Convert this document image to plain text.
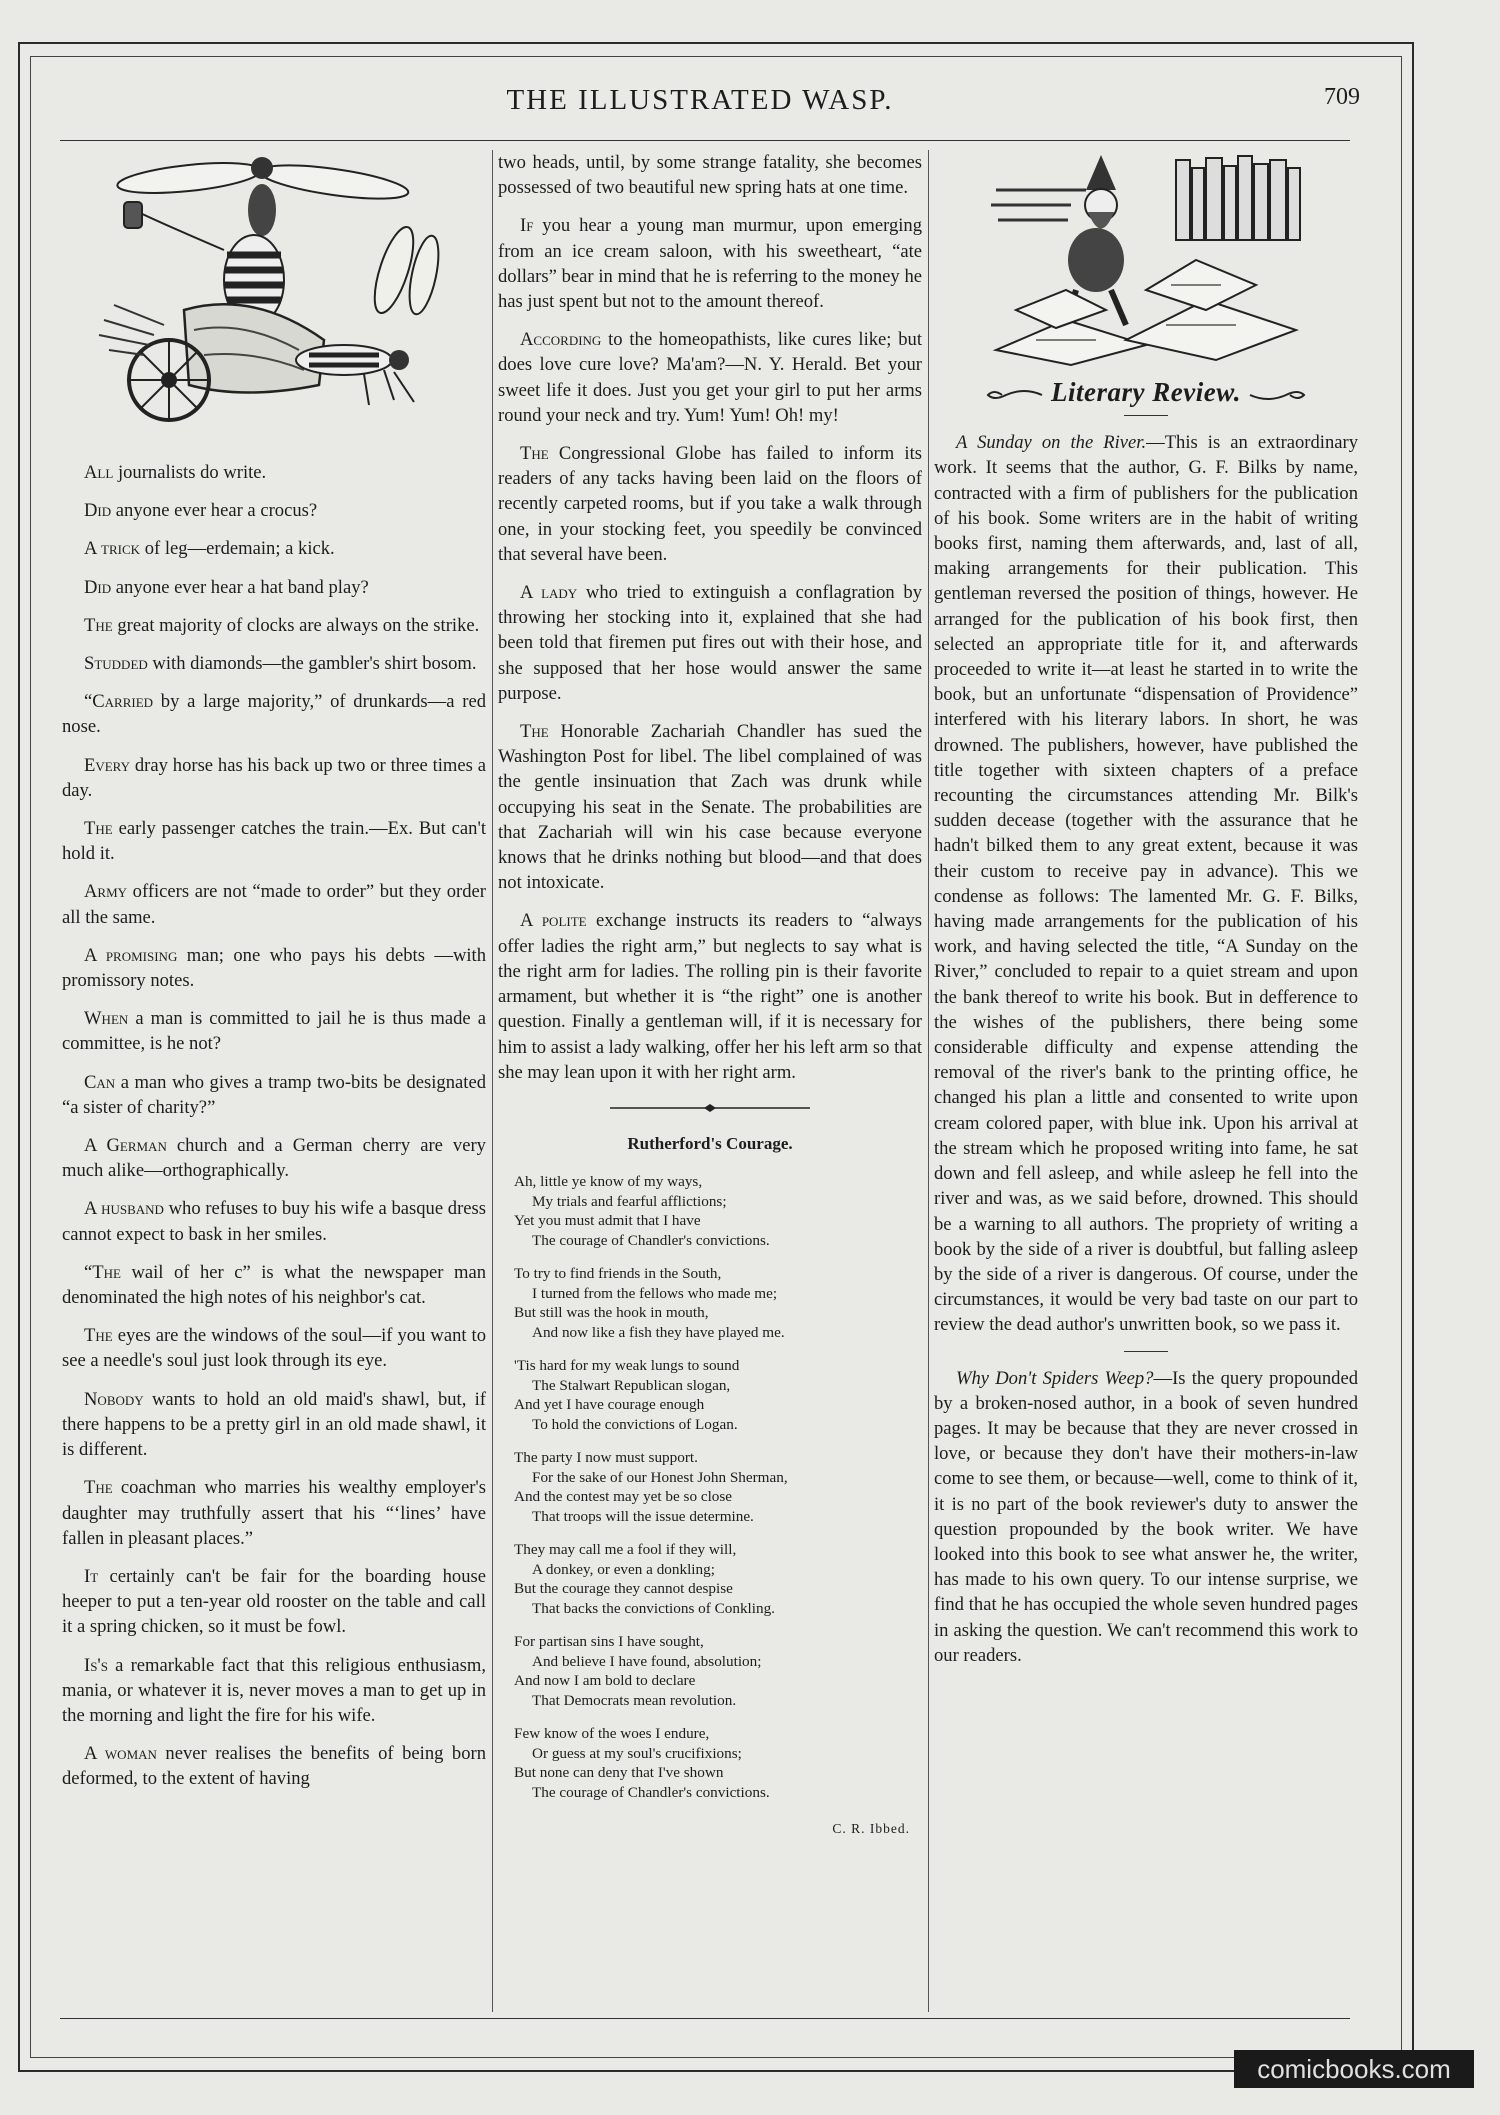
THE ILLUSTRATED WASP.	709

All journalists do write.

Did anyone ever hear a crocus?

A trick of leg—erdemain; a kick.

Did anyone ever hear a hat band play?

The great majority of clocks are always on the strike.

Studded with diamonds—the gambler's shirt bosom.

“Carried by a large majority,” of drunkards—a red nose.

Every dray horse has his back up two or three times a day.

The early passenger catches the train.—Ex. But can't hold it.

Army officers are not “made to order” but they order all the same.

A promising man; one who pays his debts —with promissory notes.

When a man is committed to jail he is thus made a committee, is he not?

Can a man who gives a tramp two-bits be designated “a sister of charity?”

A German church and a German cherry are very much alike—orthographically.

A husband who refuses to buy his wife a basque dress cannot expect to bask in her smiles.

“The wail of her c” is what the newspaper man denominated the high notes of his neighbor's cat.

The eyes are the windows of the soul—if you want to see a needle's soul just look through its eye.

Nobody wants to hold an old maid's shawl, but, if there happens to be a pretty girl in an old made shawl, it is different.

The coachman who marries his wealthy employer's daughter may truthfully assert that his “‘lines’ have fallen in pleasant places.”

It certainly can't be fair for the boarding house heeper to put a ten-year old rooster on the table and call it a spring chicken, so it must be fowl.

Is's a remarkable fact that this religious enthusiasm, mania, or whatever it is, never moves a man to get up in the morning and light the fire for his wife.

A woman never realises the benefits of being born deformed, to the extent of having

two heads, until, by some strange fatality, she becomes possessed of two beautiful new spring hats at one time.

If you hear a young man murmur, upon emerging from an ice cream saloon, with his sweetheart, “ate dollars” bear in mind that he is referring to the money he has just spent but not to the amount thereof.

According to the homeopathists, like cures like; but does love cure love? Ma'am?—N. Y. Herald. Bet your sweet life it does. Just you get your girl to put her arms round your neck and try. Yum! Yum! Oh! my!

The Congressional Globe has failed to inform its readers of any tacks having been laid on the floors of recently carpeted rooms, but if you take a walk through one, in your stocking feet, you speedily be convinced that several have been.

A lady who tried to extinguish a conflagration by throwing her stocking into it, explained that she had been told that firemen put fires out with their hose, and she supposed that her hose would answer the same purpose.

The Honorable Zachariah Chandler has sued the Washington Post for libel. The libel complained of was the gentle insinuation that Zach was drunk while occupying his seat in the Senate. The probabilities are that Zachariah will win his case because everyone knows that he drinks nothing but blood—and that does not intoxicate.

A polite exchange instructs its readers to “always offer ladies the right arm,” but neglects to say what is the right arm for ladies. The rolling pin is their favorite armament, but whether it is “the right” one is another question. Finally a gentleman will, if it is necessary for him to assist a lady walking, offer her his left arm so that she may lean upon it with her right arm.

Rutherford's Courage.
Ah, little ye know of my ways,
My trials and fearful afflictions;
Yet you must admit that I have
The courage of Chandler's convictions.
To try to find friends in the South,
I turned from the fellows who made me;
But still was the hook in mouth,
And now like a fish they have played me.
'Tis hard for my weak lungs to sound
The Stalwart Republican slogan,
And yet I have courage enough
To hold the convictions of Logan.
The party I now must support.
For the sake of our Honest John Sherman,
And the contest may yet be so close
That troops will the issue determine.
They may call me a fool if they will,
A donkey, or even a donkling;
But the courage they cannot despise
That backs the convictions of Conkling.
For partisan sins I have sought,
And believe I have found, absolution;
And now I am bold to declare
That Democrats mean revolution.
Few know of the woes I endure,
Or guess at my soul's crucifixions;
But none can deny that I've shown
The courage of Chandler's convictions.
C. R. Ibbed.
Literary Review.

A Sunday on the River.—This is an extraordinary work. It seems that the author, G. F. Bilks by name, contracted with a firm of publishers for the publication of his book. Some writers are in the habit of writing books first, naming them afterwards, and, last of all, making arrangements for their publication. This gentleman reversed the position of things, however. He arranged for the publication of his book first, then selected an appropriate title for it, and afterwards proceeded to write it—at least he started in to write the book, but an unfortunate “dispensation of Providence” interfered with his literary labors. In short, he was drowned. The publishers, however, have published the title together with sixteen chapters of a preface recounting the circumstances attending Mr. Bilk's sudden decease (together with the assurance that he hadn't bilked them to any great extent, because it was their custom to receive pay in advance). This we condense as follows: The lamented Mr. G. F. Bilks, having made arrangements for the publication of his work, and having selected the title, “A Sunday on the River,” concluded to repair to a quiet stream and upon the bank thereof to write his book. But in defference to the wishes of the publishers, there being some considerable difficulty and expense attending the removal of the river's bank to the printing office, he changed his plan a little and consented to write upon cream colored paper, with blue ink. Upon his arrival at the stream which he proposed writing into fame, he sat down and fell asleep, and while asleep he fell into the river and was, as we said before, drowned. This should be a warning to all authors. The propriety of writing a book by the side of a river is doubtful, but falling asleep by the side of a river is dangerous. Of course, under the circumstances, it would be very bad taste on our part to review the dead author's unwritten book, so we pass it.

Why Don't Spiders Weep?—Is the query propounded by a broken-nosed author, in a book of seven hundred pages. It may be because that they are never crossed in love, or because they don't have their mothers-in-law come to see them, or because—well, come to think of it, it is no part of the book reviewer's duty to answer the question propounded by the book writer. We have looked into this book to see what answer he, the writer, has made to his own query. To our intense surprise, we find that he has occupied the whole seven hundred pages in asking the question. We can't recommend this work to our readers.

comicbooks.com
